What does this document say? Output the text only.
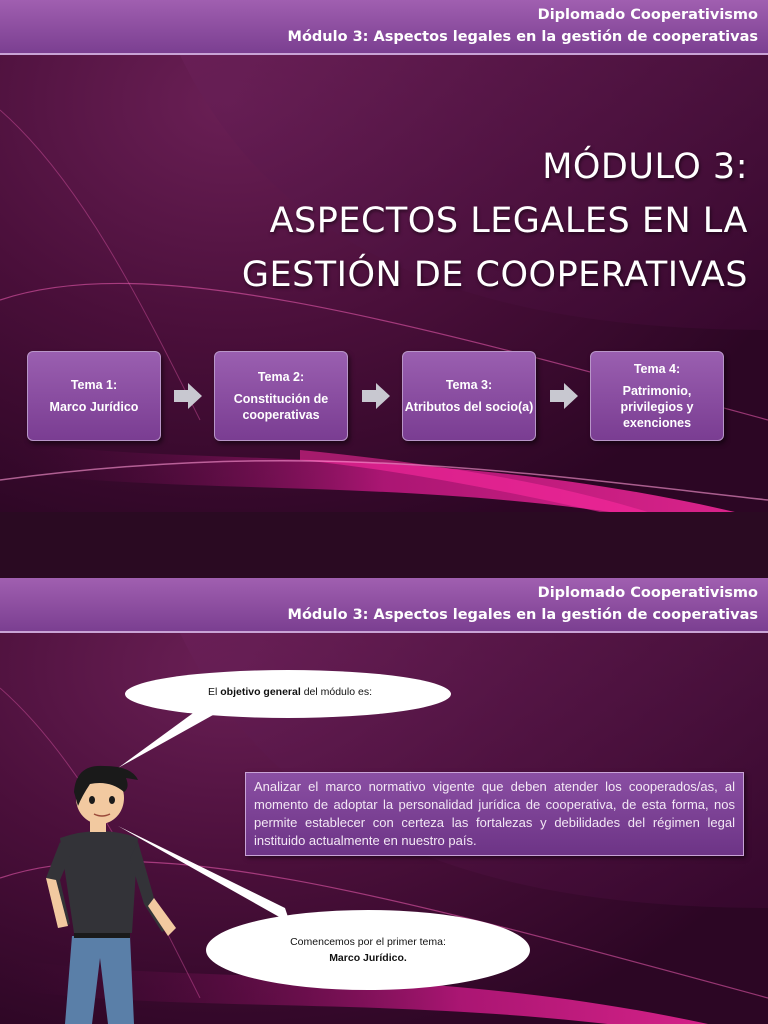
Diplomado Cooperativismo
Módulo 3: Aspectos legales en la gestión de cooperativas
MÓDULO 3:
ASPECTOS LEGALES EN LA
GESTIÓN DE COOPERATIVAS
Tema 1:
Marco Jurídico
Tema 2:
Constitución de cooperativas
Tema 3:
Atributos del socio(a)
Tema 4:
Patrimonio, privilegios y exenciones
Diplomado Cooperativismo
Módulo 3: Aspectos legales en la gestión de cooperativas
El objetivo general del módulo es:
Analizar el marco normativo vigente que deben atender los cooperados/as, al momento de adoptar la personalidad jurídica de cooperativa, de esta forma, nos permite establecer con certeza las fortalezas y debilidades del régimen legal instituido actualmente en nuestro país.
Comencemos por el primer tema:
Marco Jurídico.
